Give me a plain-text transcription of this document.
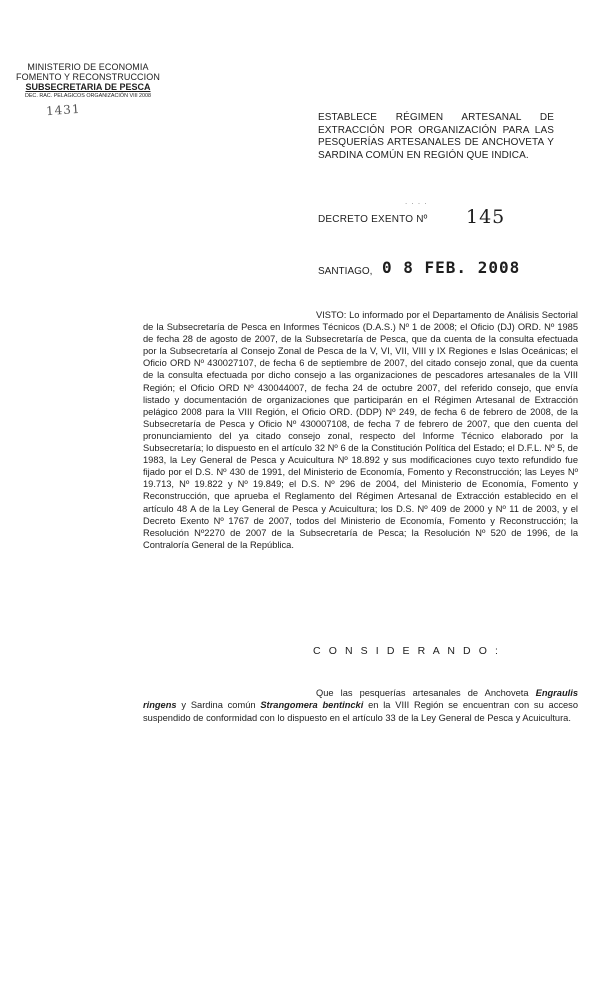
MINISTERIO DE ECONOMIA
FOMENTO Y RECONSTRUCCION
SUBSECRETARIA DE PESCA
DEC. RAC. PELAGICOS ORGANIZACIÓN VIII 2008
1431	ESTABLECE RÉGIMEN ARTESANAL DE EXTRACCIÓN POR ORGANIZACIÓN PARA LAS PESQUERÍAS ARTESANALES DE ANCHOVETA Y SARDINA COMÚN EN REGIÓN QUE INDICA.
. . . .
DECRETO EXENTO Nº 145
SANTIAGO, 0 8 FEB. 2008
VISTO: Lo informado por el Departamento de Análisis Sectorial de la Subsecretaría de Pesca en Informes Técnicos (D.A.S.) Nº 1 de 2008; el Oficio (DJ) ORD. Nº 1985 de fecha 28 de agosto de 2007, de la Subsecretaría de Pesca, que da cuenta de la consulta efectuada por la Subsecretaría al Consejo Zonal de Pesca de la V, VI, VII, VIII y IX Regiones e Islas Oceánicas; el Oficio ORD Nº 430027107, de fecha 6 de septiembre de 2007, del citado consejo zonal, que da cuenta de la consulta efectuada por dicho consejo a las organizaciones de pescadores artesanales de la VIII Región; el Oficio ORD Nº 430044007, de fecha 24 de octubre 2007, del referido consejo, que envía listado y documentación de organizaciones que participarán en el Régimen Artesanal de Extracción pelágico 2008 para la VIII Región, el Oficio ORD. (DDP) Nº 249, de fecha 6 de febrero de 2008, de la Subsecretaría de Pesca y Oficio Nº 430007108, de fecha 7 de febrero de 2007, que den cuenta del pronunciamiento del ya citado consejo zonal, respecto del Informe Técnico elaborado por la Subsecretaría; lo dispuesto en el artículo 32 Nº 6 de la Constitución Política del Estado; el D.F.L. Nº 5, de 1983, la Ley General de Pesca y Acuicultura Nº 18.892 y sus modificaciones cuyo texto refundido fue fijado por el D.S. Nº 430 de 1991, del Ministerio de Economía, Fomento y Reconstrucción; las Leyes Nº 19.713, Nº 19.822 y Nº 19.849; el D.S. Nº 296 de 2004, del Ministerio de Economía, Fomento y Reconstrucción, que aprueba el Reglamento del Régimen Artesanal de Extracción establecido en el artículo 48 A de la Ley General de Pesca y Acuicultura; los D.S. Nº 409 de 2000 y Nº 11 de 2003, y el Decreto Exento Nº 1767 de 2007, todos del Ministerio de Economía, Fomento y Reconstrucción; la Resolución Nº2270 de 2007 de la Subsecretaría de Pesca; la Resolución Nº 520 de 1996, de la Contraloría General de la República.
C O N S I D E R A N D O :
Que las pesquerías artesanales de Anchoveta Engraulis ringens y Sardina común Strangomera bentincki en la VIII Región se encuentran con su acceso suspendido de conformidad con lo dispuesto en el artículo 33 de la Ley General de Pesca y Acuicultura.
